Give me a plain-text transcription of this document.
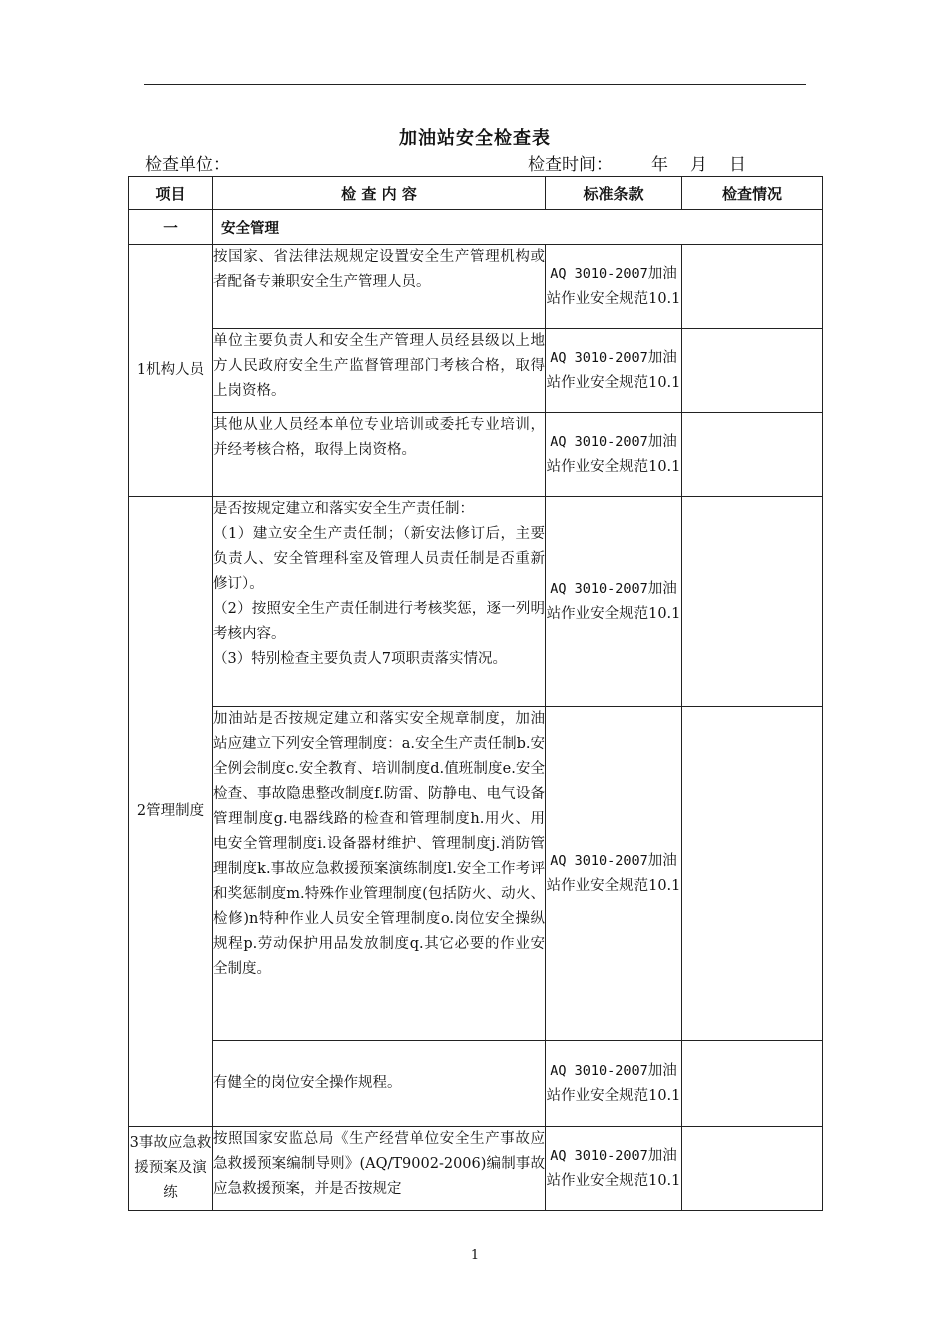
加油站安全检查表
检查单位：	检查时间： 年 月 日
项目	检 查 内 容	标准条款	检查情况
一	安全管理		
1机构人员	按国家、省法律法规规定设置安全生产管理机构或者配备专兼职安全生产管理人员。	AQ 3010-2007加油站作业安全规范10.1	
	单位主要负责人和安全生产管理人员经县级以上地方人民政府安全生产监督管理部门考核合格，取得上岗资格。	AQ 3010-2007加油站作业安全规范10.1	
	其他从业人员经本单位专业培训或委托专业培训，并经考核合格，取得上岗资格。	AQ 3010-2007加油站作业安全规范10.1	
2管理制度	是否按规定建立和落实安全生产责任制：
（1）建立安全生产责任制；（新安法修订后，主要负责人、安全管理科室及管理人员责任制是否重新修订）。
（2）按照安全生产责任制进行考核奖惩，逐一列明考核内容。
（3）特别检查主要负责人7项职责落实情况。	AQ 3010-2007加油站作业安全规范10.1	
	加油站是否按规定建立和落实安全规章制度，加油站应建立下列安全管理制度：a.安全生产责任制b.安全例会制度c.安全教育、培训制度d.值班制度e.安全检查、事故隐患整改制度f.防雷、防静电、电气设备管理制度g.电器线路的检查和管理制度h.用火、用电安全管理制度i.设备器材维护、管理制度j.消防管理制度k.事故应急救援预案演练制度l.安全工作考评和奖惩制度m.特殊作业管理制度(包括防火、动火、检修)n特种作业人员安全管理制度o.岗位安全操纵规程p.劳动保护用品发放制度q.其它必要的作业安全制度。	AQ 3010-2007加油站作业安全规范10.1	
	有健全的岗位安全操作规程。	AQ 3010-2007加油站作业安全规范10.1	
3事故应急救援预案及演练	按照国家安监总局《生产经营单位安全生产事故应急救援预案编制导则》(AQ/T9002-2006)编制事故应急救援预案，并是否按规定	AQ 3010-2007加油站作业安全规范10.1	
1
